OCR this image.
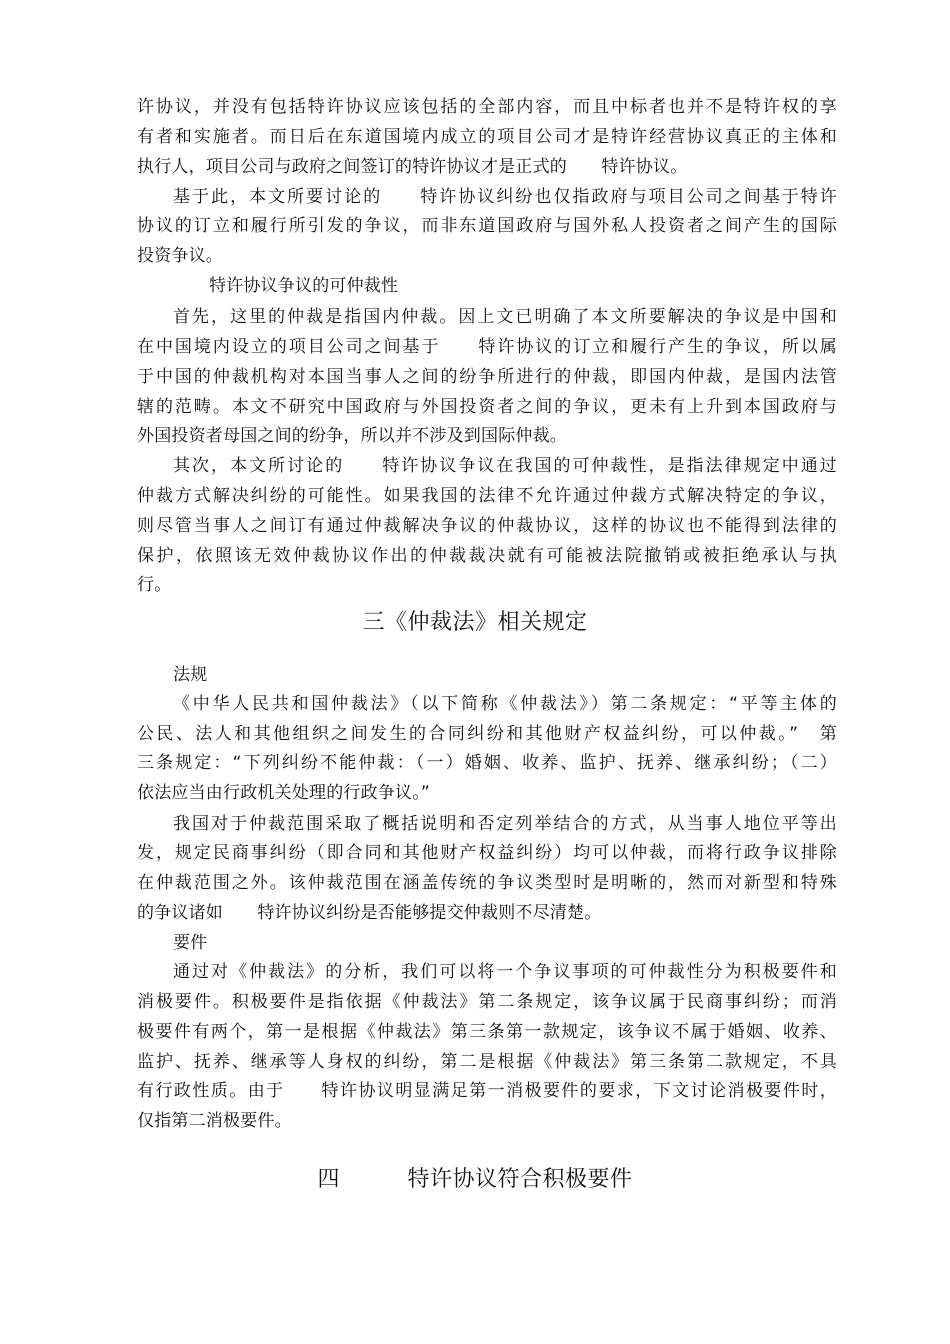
许协议，并没有包括特许协议应该包括的全部内容，而且中标者也并不是特许权的享
有者和实施者。而日后在东道国境内成立的项目公司才是特许经营协议真正的主体和
执行人，项目公司与政府之间签订的特许协议才是正式的　　特许协议。
基于此，本文所要讨论的　　特许协议纠纷也仅指政府与项目公司之间基于特许
协议的订立和履行所引发的争议，而非东道国政府与国外私人投资者之间产生的国际
投资争议。
特许协议争议的可仲裁性
首先，这里的仲裁是指国内仲裁。因上文已明确了本文所要解决的争议是中国和
在中国境内设立的项目公司之间基于　　特许协议的订立和履行产生的争议，所以属
于中国的仲裁机构对本国当事人之间的纷争所进行的仲裁，即国内仲裁，是国内法管
辖的范畴。本文不研究中国政府与外国投资者之间的争议，更未有上升到本国政府与
外国投资者母国之间的纷争，所以并不涉及到国际仲裁。
其次，本文所讨论的　　特许协议争议在我国的可仲裁性，是指法律规定中通过
仲裁方式解决纠纷的可能性。如果我国的法律不允许通过仲裁方式解决特定的争议，
则尽管当事人之间订有通过仲裁解决争议的仲裁协议，这样的协议也不能得到法律的
保护，依照该无效仲裁协议作出的仲裁裁决就有可能被法院撤销或被拒绝承认与执
行。
三《仲裁法》相关规定
法规
《中华人民共和国仲裁法》（以下简称《仲裁法》）第二条规定：“平等主体的
公民、法人和其他组织之间发生的合同纠纷和其他财产权益纠纷，可以仲裁。”　第
三条规定：“下列纠纷不能仲裁：（一）婚姻、收养、监护、抚养、继承纠纷；（二）
依法应当由行政机关处理的行政争议。”
我国对于仲裁范围采取了概括说明和否定列举结合的方式，从当事人地位平等出
发，规定民商事纠纷（即合同和其他财产权益纠纷）均可以仲裁，而将行政争议排除
在仲裁范围之外。该仲裁范围在涵盖传统的争议类型时是明晰的，然而对新型和特殊
的争议诸如　　特许协议纠纷是否能够提交仲裁则不尽清楚。
要件
通过对《仲裁法》的分析，我们可以将一个争议事项的可仲裁性分为积极要件和
消极要件。积极要件是指依据《仲裁法》第二条规定，该争议属于民商事纠纷；而消
极要件有两个，第一是根据《仲裁法》第三条第一款规定，该争议不属于婚姻、收养、
监护、抚养、继承等人身权的纠纷，第二是根据《仲裁法》第三条第二款规定，不具
有行政性质。由于　　特许协议明显满足第一消极要件的要求，下文讨论消极要件时，
仅指第二消极要件。
四　　　特许协议符合积极要件
